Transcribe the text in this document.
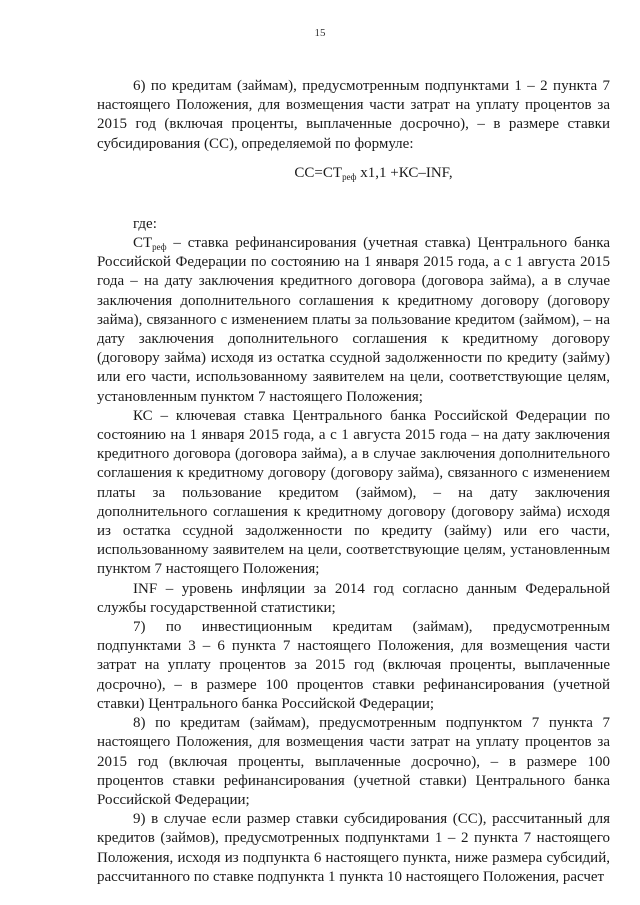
15

6) по кредитам (займам), предусмотренным подпунктами 1 – 2 пункта 7 настоящего Положения, для возмещения части затрат на уплату процентов за 2015 год (включая проценты, выплаченные досрочно), – в размере ставки субсидирования (СС), определяемой по формуле:

$СС=СТ_{реф}$ х1,1 +КС–INF,

где:

$СТ_{реф}$ – ставка рефинансирования (учетная ставка) Центрального банка Российской Федерации по состоянию на 1 января 2015 года, а с 1 августа 2015 года – на дату заключения кредитного договора (договора займа), а в случае заключения дополнительного соглашения к кредитному договору (договору займа), связанного с изменением платы за пользование кредитом (займом), – на дату заключения дополнительного соглашения к кредитному договору (договору займа) исходя из остатка ссудной задолженности по кредиту (займу) или его части, использованному заявителем на цели, соответствующие целям, установленным пунктом 7 настоящего Положения;

КС – ключевая ставка Центрального банка Российской Федерации по состоянию на 1 января 2015 года, а с 1 августа 2015 года – на дату заключения кредитного договора (договора займа), а в случае заключения дополнительного соглашения к кредитному договору (договору займа), связанного с изменением платы за пользование кредитом (займом), – на дату заключения дополнительного соглашения к кредитному договору (договору займа) исходя из остатка ссудной задолженности по кредиту (займу) или его части, использованному заявителем на цели, соответствующие целям, установленным пунктом 7 настоящего Положения;

INF – уровень инфляции за 2014 год согласно данным Федеральной службы государственной статистики;

7) по инвестиционным кредитам (займам), предусмотренным подпунктами 3 – 6 пункта 7 настоящего Положения, для возмещения части затрат на уплату процентов за 2015 год (включая проценты, выплаченные досрочно), – в размере 100 процентов ставки рефинансирования (учетной ставки) Центрального банка Российской Федерации;

8) по кредитам (займам), предусмотренным подпунктом 7 пункта 7 настоящего Положения, для возмещения части затрат на уплату процентов за 2015 год (включая проценты, выплаченные досрочно), – в размере 100 процентов ставки рефинансирования (учетной ставки) Центрального банка Российской Федерации;

9) в случае если размер ставки субсидирования (СС), рассчитанный для кредитов (займов), предусмотренных подпунктами 1 – 2 пункта 7 настоящего Положения, исходя из подпункта 6 настоящего пункта, ниже размера субсидий, рассчитанного по ставке подпункта 1 пункта 10 настоящего Положения, расчет
